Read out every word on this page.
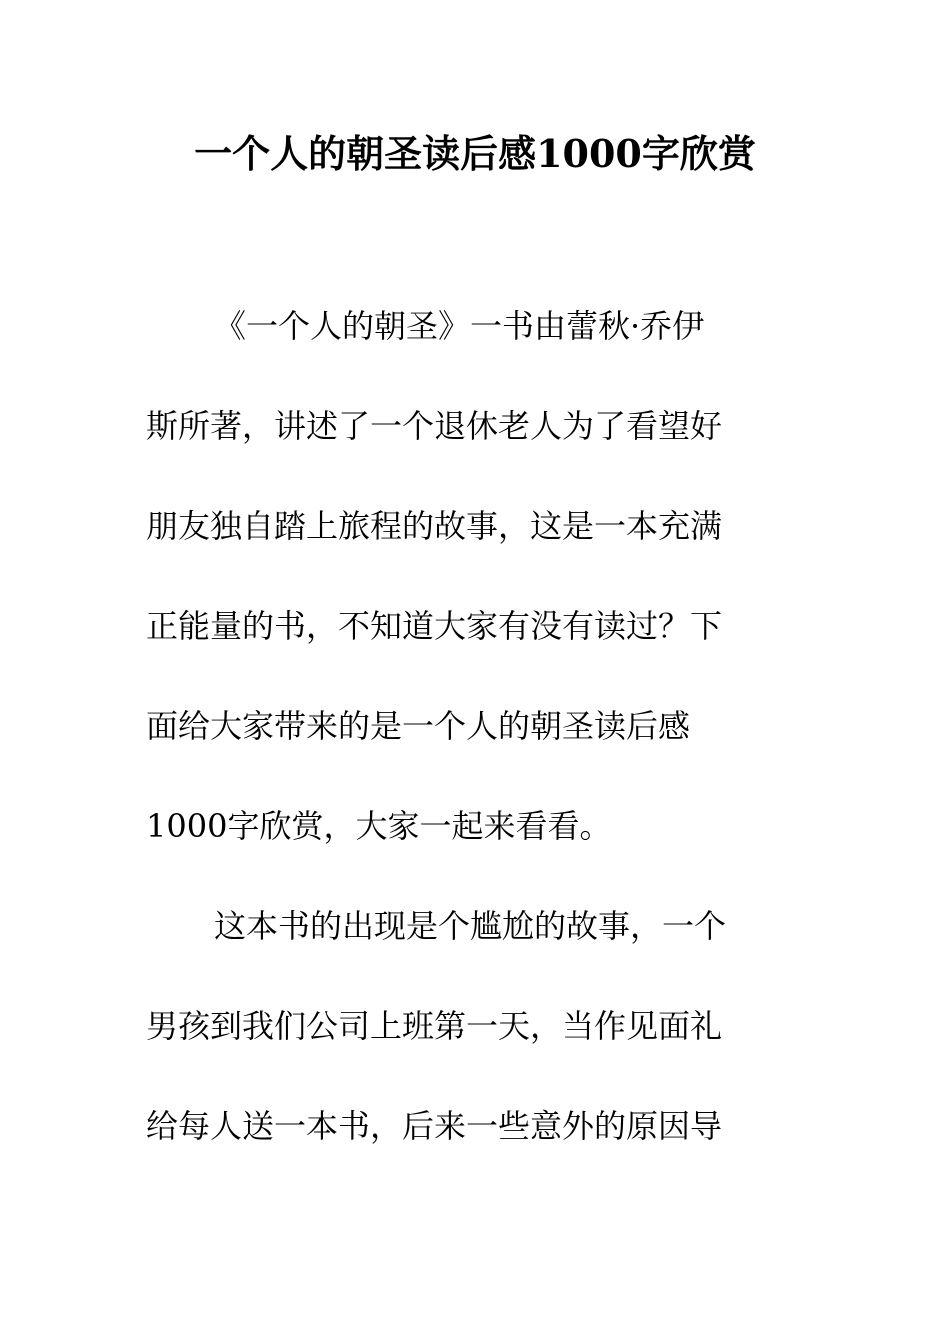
一个人的朝圣读后感1000字欣赏
《一个人的朝圣》一书由蕾秋·乔伊
斯所著，讲述了一个退休老人为了看望好
朋友独自踏上旅程的故事，这是一本充满
正能量的书，不知道大家有没有读过？下
面给大家带来的是一个人的朝圣读后感
1000字欣赏，大家一起来看看。
这本书的出现是个尴尬的故事，一个
男孩到我们公司上班第一天，当作见面礼
给每人送一本书，后来一些意外的原因导
